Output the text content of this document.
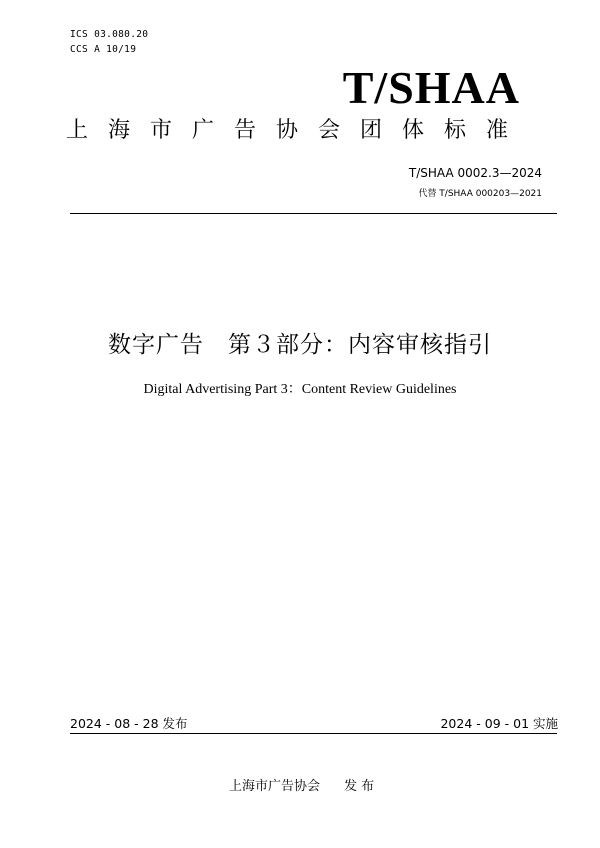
ICS 03.080.20
CCS A 10/19
T/SHAA
上海市广告协会团体标准
T/SHAA 0002.3—2024
代替 T/SHAA 000203—2021
数字广告　第３部分：内容审核指引
Digital Advertising Part 3：Content Review Guidelines
2024 - 08 - 28 发布	2024 - 09 - 01 实施
上海市广告协会 发 布
